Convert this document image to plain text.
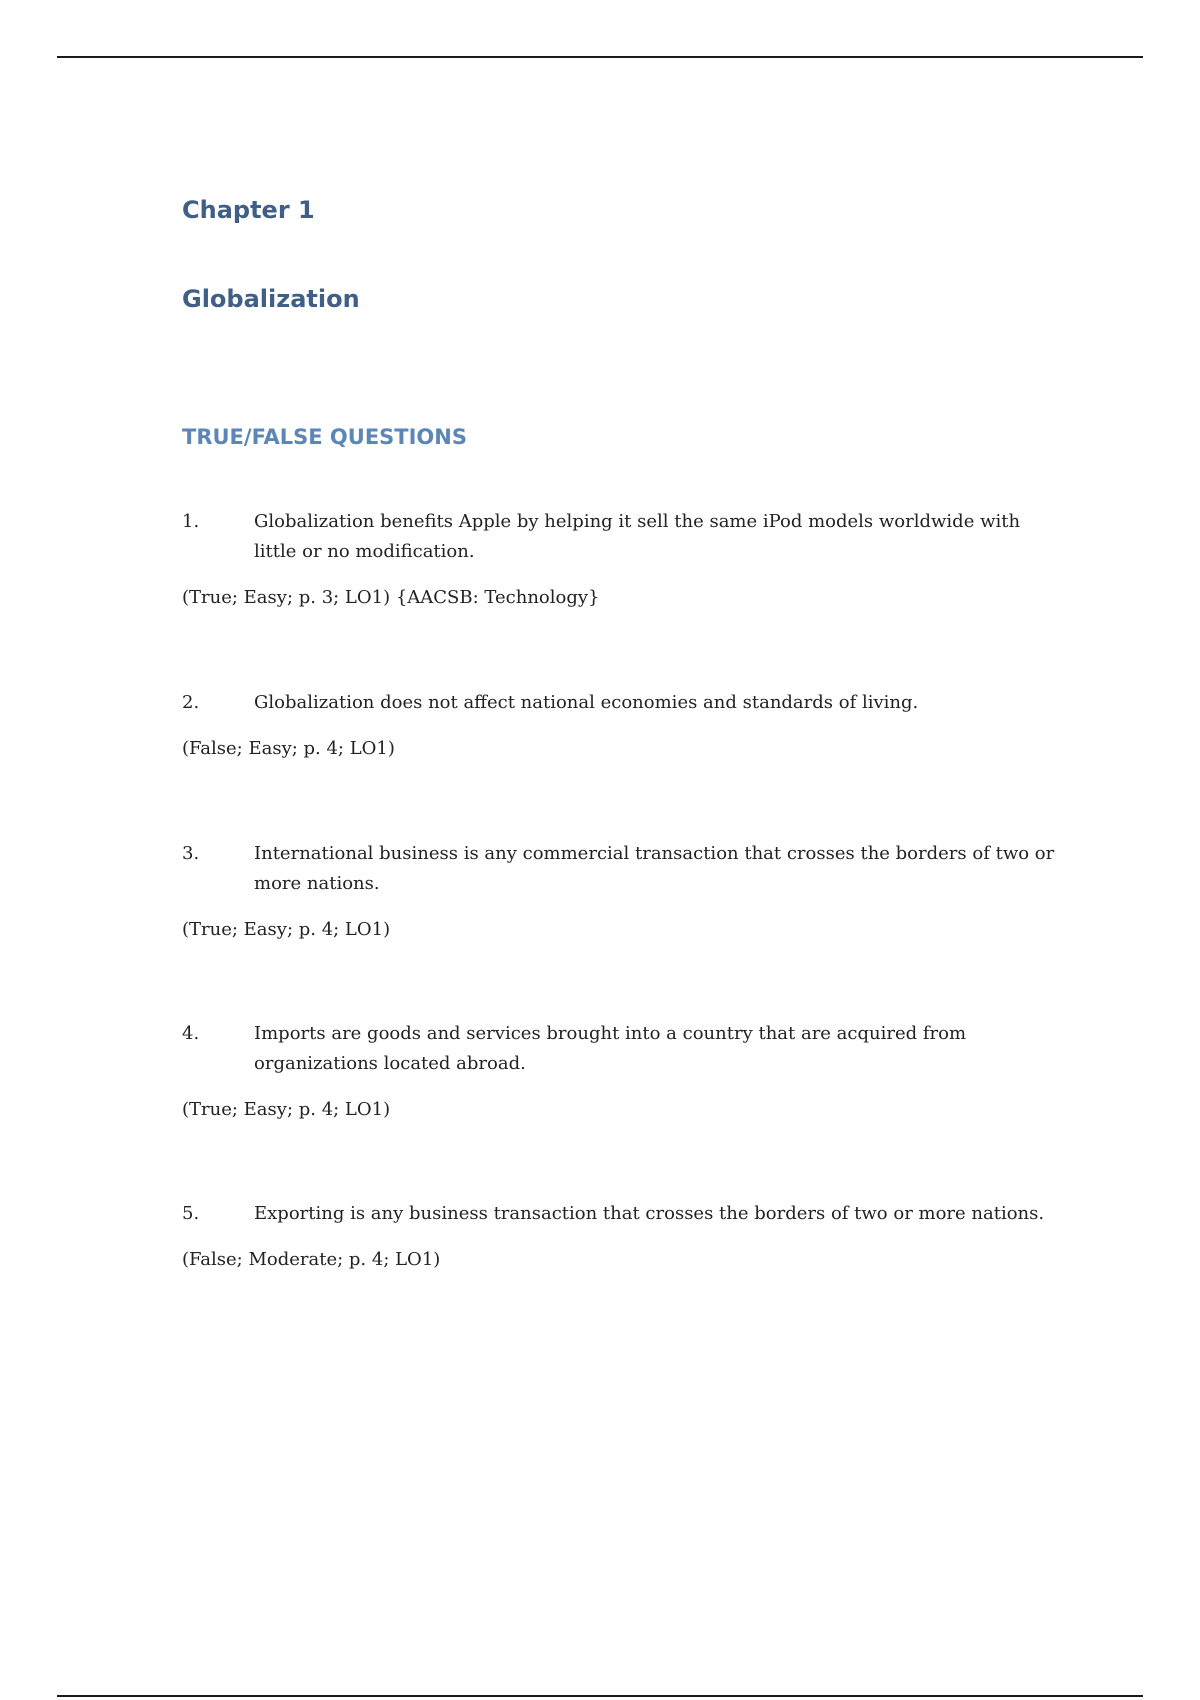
Chapter 1
Globalization
TRUE/FALSE QUESTIONS
1.	Globalization benefits Apple by helping it sell the same iPod models worldwide with little or no modification.
(True; Easy; p. 3; LO1) {AACSB: Technology}
2.	Globalization does not affect national economies and standards of living.
(False; Easy; p. 4; LO1)
3.	International business is any commercial transaction that crosses the borders of two or more nations.
(True; Easy; p. 4; LO1)
4.	Imports are goods and services brought into a country that are acquired from organizations located abroad.
(True; Easy; p. 4; LO1)
5.	Exporting is any business transaction that crosses the borders of two or more nations.
(False; Moderate; p. 4; LO1)
